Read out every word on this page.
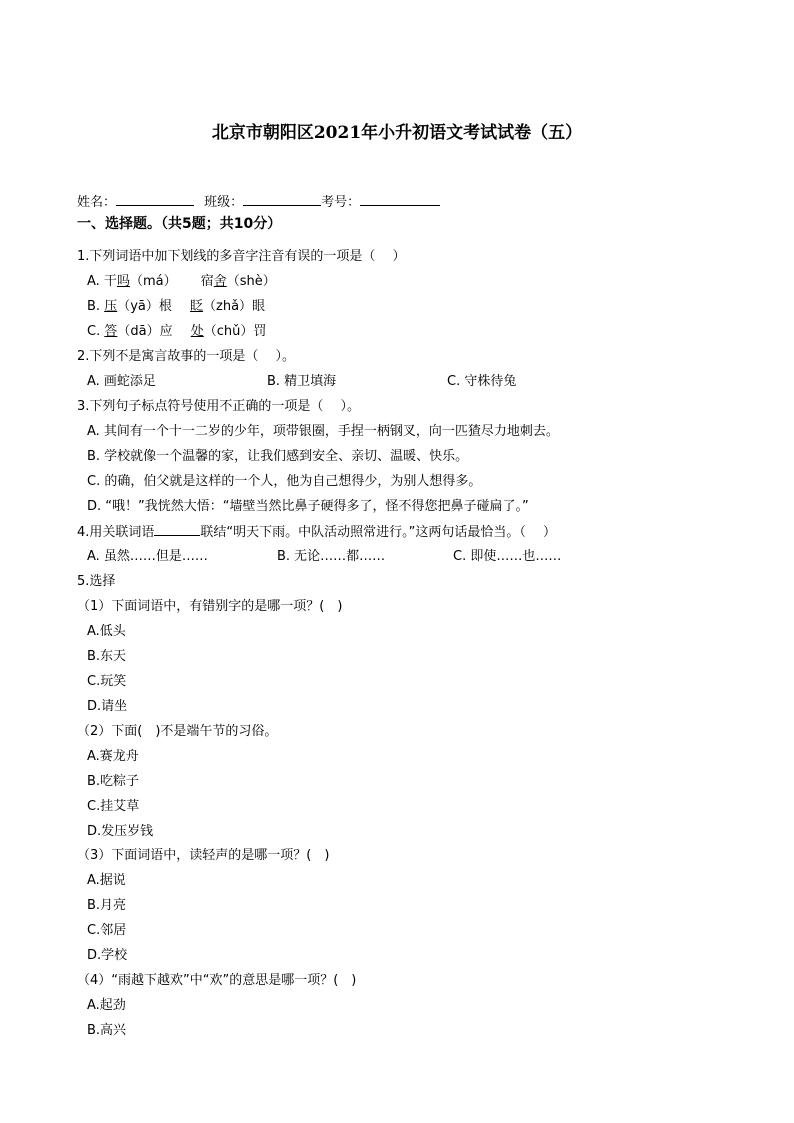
北京市朝阳区2021年小升初语文考试试卷（五）
姓名：	班级：	考号：
一、选择题。（共5题；共10分）
1.下列词语中加下划线的多音字注音有误的一项是（　 ）
A. 干吗（má） 宿舍（shè）
B. 压（yā）根 眨（zhǎ）眼
C. 答（dā）应 处（chǔ）罚
2.下列不是寓言故事的一项是（　 ）。
A. 画蛇添足	B. 精卫填海	C. 守株待兔
3.下列句子标点符号使用不正确的一项是（　 ）。
A. 其间有一个十一二岁的少年，项带银圈，手捏一柄钢叉，向一匹猹尽力地刺去。
B. 学校就像一个温馨的家，让我们感到安全、亲切、温暖、快乐。
C. 的确，伯父就是这样的一个人，他为自己想得少，为别人想得多。
D. “哦！”我恍然大悟：“墙壁当然比鼻子硬得多了，怪不得您把鼻子碰扁了。”
4.用关联词语	联结“明天下雨。中队活动照常进行。”这两句话最恰当。（　 ）
A. 虽然……但是……	B. 无论……都……	C. 即使……也……
5.选择
（1）下面词语中，有错别字的是哪一项？(　)
A.低头
B.东天
C.玩笑
D.请坐
（2）下面(　)不是端午节的习俗。
A.赛龙舟
B.吃粽子
C.挂艾草
D.发压岁钱
（3）下面词语中，读轻声的是哪一项？(　)
A.据说
B.月亮
C.邻居
D.学校
（4）“雨越下越欢”中“欢”的意思是哪一项？(　)
A.起劲
B.高兴
